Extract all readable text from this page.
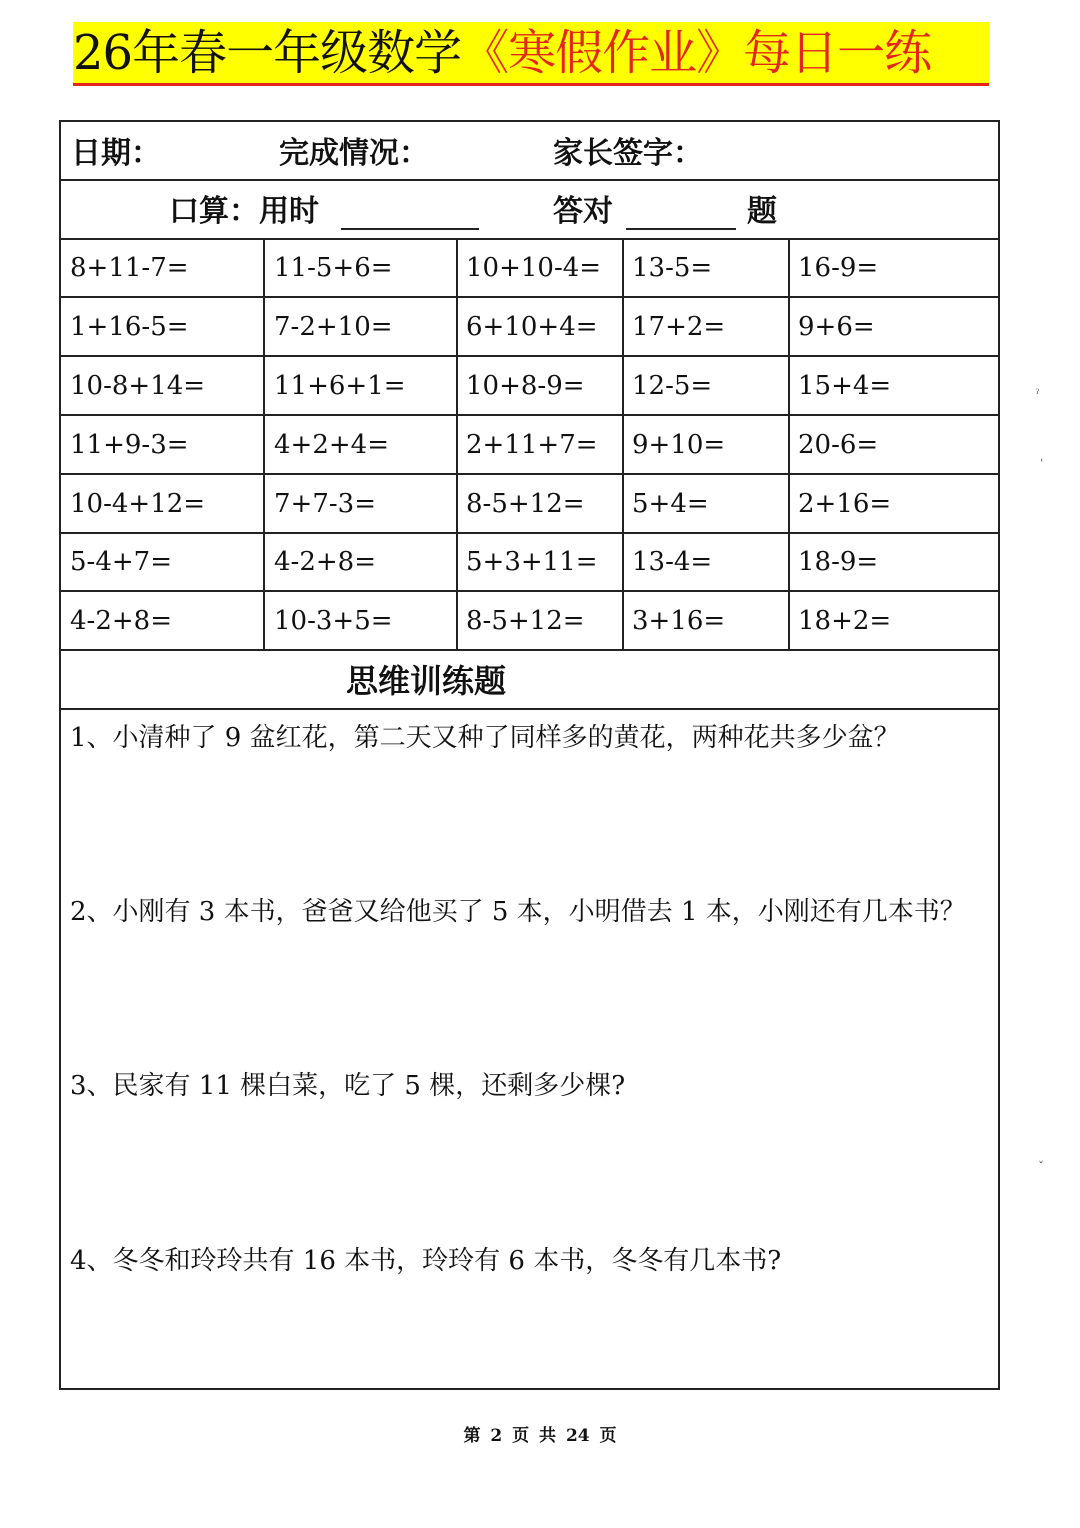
26年春一年级数学 《寒假作业》每日一练
日期：	完成情况：	家长签字：
口算：用时	答对	题
8+11-7=	11-5+6=	10+10-4= 13-5=	16-9=
1+16-5=	7-2+10=	6+10+4= 17+2=	9+6=
10-8+14=	11+6+1= 10+8-9= 12-5=	15+4=
11+9-3=	4+2+4=	2+11+7= 9+10=	20-6=
10-4+12=	7+7-3=	8-5+12= 5+4=	2+16=
5-4+7=	4-2+8=	5+3+11= 13-4=	18-9=
4-2+8=	10-3+5=	8-5+12= 3+16=	18+2=
思维训练题
1、小清种了 9 盆红花，第二天又种了同样多的黄花，两种花共多少盆？
2、小刚有 3 本书，爸爸又给他买了 5 本，小明借去 1 本，小刚还有几本书？
3、民家有 11 棵白菜，吃了 5 棵，还剩多少棵?
4、冬冬和玲玲共有 16 本书，玲玲有 6 本书，冬冬有几本书?
ˀ
ˌ
˯
第 2 页 共 24 页
